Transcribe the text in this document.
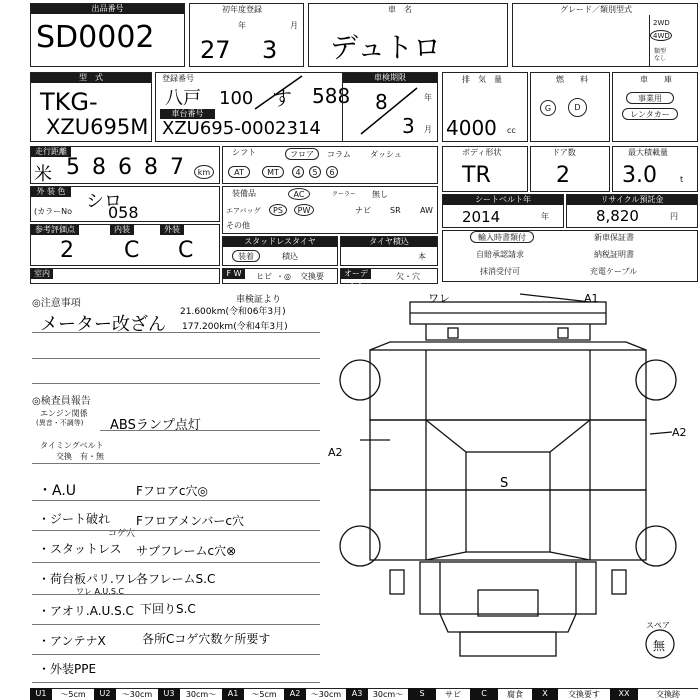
出品番号
SD0002
初年度登録
27
年
3
月
車　名
デュトロ
グレード／類別型式
2WD
4WD
類型
なし
型　式
TKG-
XZU695M
登録番号
八戸　100 す 588
車台番号
XZU695-0002314
車検期限
8	年
3 月
排　気　量
4000 cc
燃　　料
G	D
車　　庫
事業用
レンタカー
走行距離
米 5 8 6 8 7	km
シフト	フロア	コラム ダッシュ
AT	MT	4	5	6
ボディ形状
TR
ドア数
2
最大積載量
3.0	t
外 装 色	シロ
(カラーNo 058
装備品	AC	クーラー 無し
エアバッグ	PS	PW	ナビ SR AW
その他
シートベルト年
2014	年
リサイクル預託金
8,820	円
参考評価点	内装	外装
2 C C	スタッドレスタイヤ
装着	積込
タイヤ積込
本
輸入時書類付	新車保証書
自賠承認請求	納税証明書
抹消受付可	充電ケーブル
室内	F W	ヒビ ・◎ 交換要	オーディオ
欠・穴
◎注意事項
メーター改ざん
車検証より
21.600km(令和06年3月)
177.200km(令和4年3月)
◎検査員報告
エンジン関係
(異音・不調等) ABSランプ点灯
タイミングベルト
交換　有・無
・A.U	Fフロアc穴◎
・ジート破れ Fフロアメンバーc穴
コゲ穴
・スタットレス サブフレームc穴⊗
・荷台板パリ.ワレ
各フレームS.C
ワレ A.U.S.C
・アオリ.A.U.S.C 下回りS.C
・アンテナX	各所Cコゲ穴数ケ所要す
・外装PPE
ワレ	A1
A2
A2
S
スペア
無
U1	～5cm	U2	～30cm	U3	30cm～	A1	～5cm	A2	～30cm	A3	30cm～	S	サビ	C	腐食	X	交換要す	XX	交換跡
